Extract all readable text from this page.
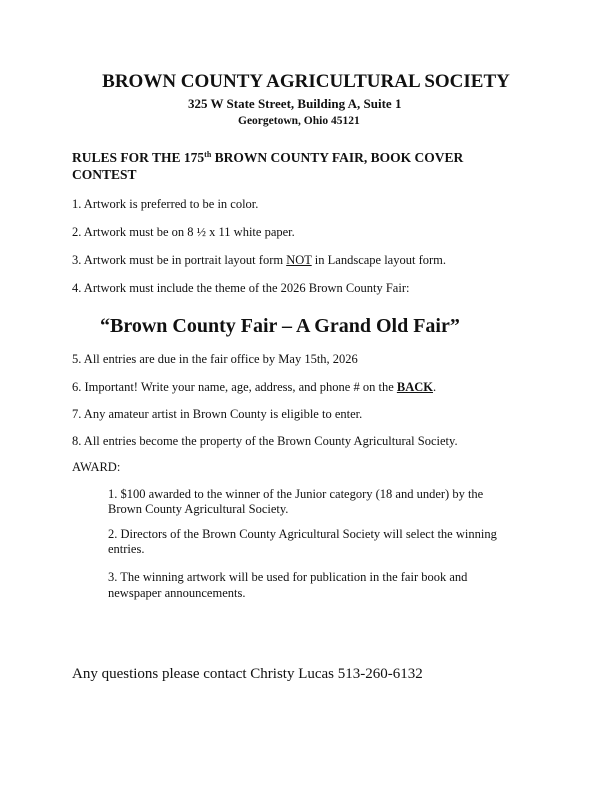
BROWN COUNTY AGRICULTURAL SOCIETY
325 W State Street, Building A, Suite 1
Georgetown, Ohio 45121
RULES FOR THE 175th BROWN COUNTY FAIR, BOOK COVER
CONTEST
1. Artwork is preferred to be in color.
2. Artwork must be on 8 ½ x 11 white paper.
3. Artwork must be in portrait layout form NOT in Landscape layout form.
4. Artwork must include the theme of the 2026 Brown County Fair:
“Brown County Fair – A Grand Old Fair”
5. All entries are due in the fair office by May 15th, 2026
6. Important! Write your name, age, address, and phone # on the BACK.
7. Any amateur artist in Brown County is eligible to enter.
8. All entries become the property of the Brown County Agricultural Society.
AWARD:
1. $100 awarded to the winner of the Junior category (18 and under) by the
Brown County Agricultural Society.
2. Directors of the Brown County Agricultural Society will select the winning
entries.
3. The winning artwork will be used for publication in the fair book and
newspaper announcements.
Any questions please contact Christy Lucas 513-260-6132
